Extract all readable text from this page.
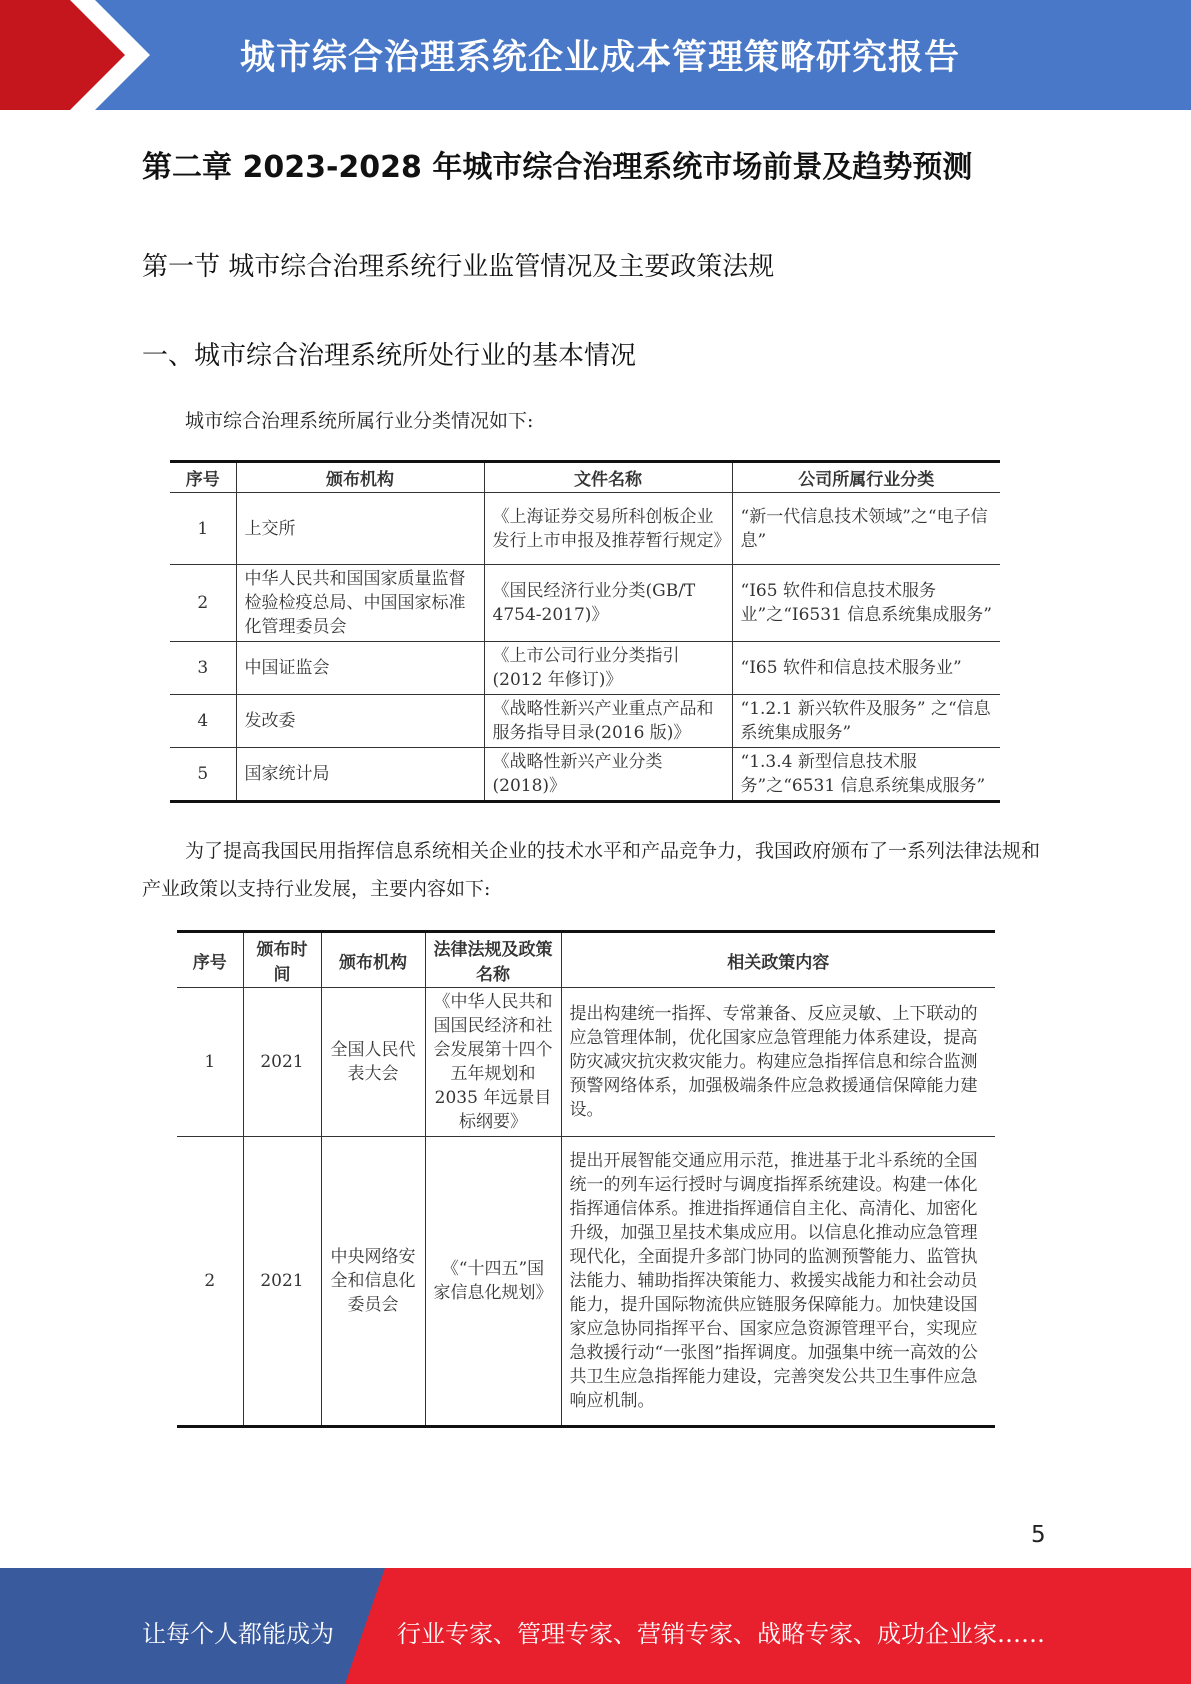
城市综合治理系统企业成本管理策略研究报告
第二章 2023-2028 年城市综合治理系统市场前景及趋势预测
第一节 城市综合治理系统行业监管情况及主要政策法规
一、城市综合治理系统所处行业的基本情况
城市综合治理系统所属行业分类情况如下:
序号	颁布机构	文件名称	公司所属行业分类
1	上交所	《上海证券交易所科创板企业发行上市申报及推荐暂行规定》	“新一代信息技术领域”之“电子信息”
2	中华人民共和国国家质量监督检验检疫总局、中国国家标准化管理委员会	《国民经济行业分类(GB/T 4754-2017)》	“I65 软件和信息技术服务业”之“I6531 信息系统集成服务”
3	中国证监会	《上市公司行业分类指引(2012 年修订)》	“I65 软件和信息技术服务业”
4	发改委	《战略性新兴产业重点产品和服务指导目录(2016 版)》	“1.2.1 新兴软件及服务” 之“信息系统集成服务”
5	国家统计局	《战略性新兴产业分类(2018)》	“1.3.4 新型信息技术服务”之“6531 信息系统集成服务”
为了提高我国民用指挥信息系统相关企业的技术水平和产品竞争力，我国政府颁布了一系列法律法规和产业政策以支持行业发展，主要内容如下:
序号	颁布时间	颁布机构	法律法规及政策名称	相关政策内容
1	2021	全国人民代表大会	《中华人民共和国国民经济和社会发展第十四个五年规划和 2035 年远景目标纲要》	提出构建统一指挥、专常兼备、反应灵敏、上下联动的应急管理体制，优化国家应急管理能力体系建设，提高防灾减灾抗灾救灾能力。构建应急指挥信息和综合监测预警网络体系，加强极端条件应急救援通信保障能力建设。
2	2021	中央网络安全和信息化委员会	《“十四五”国家信息化规划》	提出开展智能交通应用示范，推进基于北斗系统的全国统一的列车运行授时与调度指挥系统建设。构建一体化指挥通信体系。推进指挥通信自主化、高清化、加密化升级，加强卫星技术集成应用。以信息化推动应急管理现代化，全面提升多部门协同的监测预警能力、监管执法能力、辅助指挥决策能力、救援实战能力和社会动员能力，提升国际物流供应链服务保障能力。加快建设国家应急协同指挥平台、国家应急资源管理平台，实现应急救援行动“一张图”指挥调度。加强集中统一高效的公共卫生应急指挥能力建设，完善突发公共卫生事件应急响应机制。
5
让每个人都能成为	行业专家、管理专家、营销专家、战略专家、成功企业家……
